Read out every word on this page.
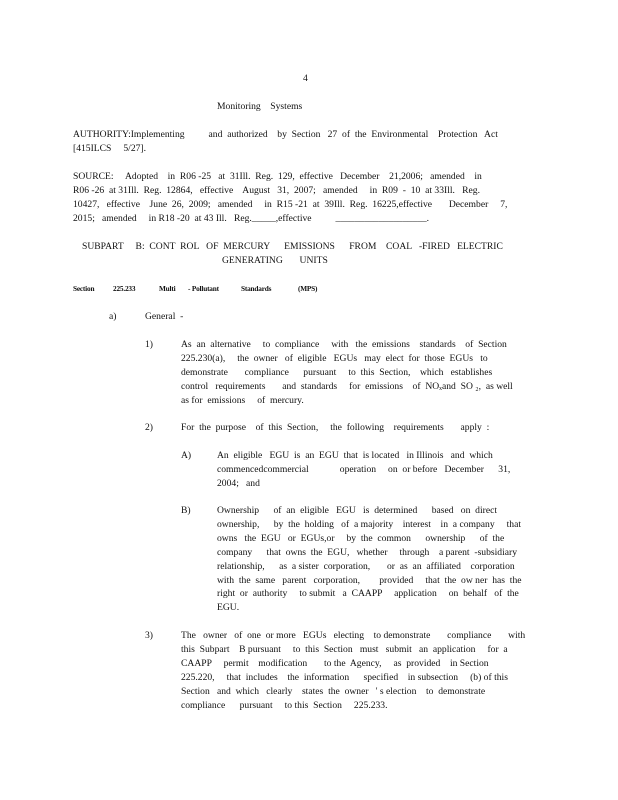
4
Monitoring    Systems
AUTHORITY:Implementing          and  authorized    by  Section   27  of  the  Environmental    Protection   Act
[415ILCS     5/27].
SOURCE:     Adopted    in  R06 -25   at  31Ill.  Reg.  129,  effective   December    21,2006;   amended    in
R06 -26  at 31Ill.  Reg.  12864,   effective    August   31,  2007;   amended     in  R09  -  10  at 33Ill.   Reg.
10427,   effective    June  26,  2009;   amended     in  R15 -21  at  39Ill.  Reg.  16225,effective       December     7,
2015;   amended     in R18 -20  at 43 Ill.   Reg._____,effective          ___________________.
SUBPART     B:  CONT  ROL   OF  MERCURY      EMISSIONS      FROM    COAL   -FIRED   ELECTRIC
GENERATING       UNITS
Section	225.233	Multi - Pollutant	Standards	(MPS)
a)	General  -
1)	As  an  alternative     to  compliance     with   the  emissions    standards    of  Section
225.230(a),     the  owner   of  eligible   EGUs   may  elect  for  those  EGUs   to
demonstrate       compliance      pursuant     to  this  Section,    which   establishes
control   requirements       and  standards     for  emissions    of  NOₓand  SO ₂,  as well
as for  emissions     of  mercury.
2)	For  the  purpose    of  this  Section,     the  following    requirements       apply  :
A)	An  eligible   EGU  is  an  EGU  that  is located   in Illinois   and  which
commencedcommercial             operation     on  or before   December      31,
2004;   and
B)	Ownership      of  an  eligible   EGU   is  determined      based   on  direct
ownership,      by  the  holding   of  a majority    interest    in  a company     that
owns   the  EGU   or  EGUs,or     by  the  common      ownership      of  the
company      that  owns  the  EGU,   whether     through    a parent  -subsidiary
relationship,      as  a sister  corporation,       or  as  an  affiliated    corporation
with  the  same   parent   corporation,        provided     that  the  ow ner  has  the
right  or  authority     to submit   a  CAAPP     application     on  behalf   of  the
EGU.
3)	The   owner   of  one  or more   EGUs   electing    to demonstrate       compliance       with
this  Subpart    B pursuant     to  this  Section   must   submit   an  application     for  a
CAAPP     permit    modification       to the  Agency,     as  provided    in Section
225.220,     that  includes    the  information      specified    in subsection     (b) of this
Section   and  which   clearly    states  the  owner   ' s election    to  demonstrate
compliance      pursuant     to this  Section     225.233.
